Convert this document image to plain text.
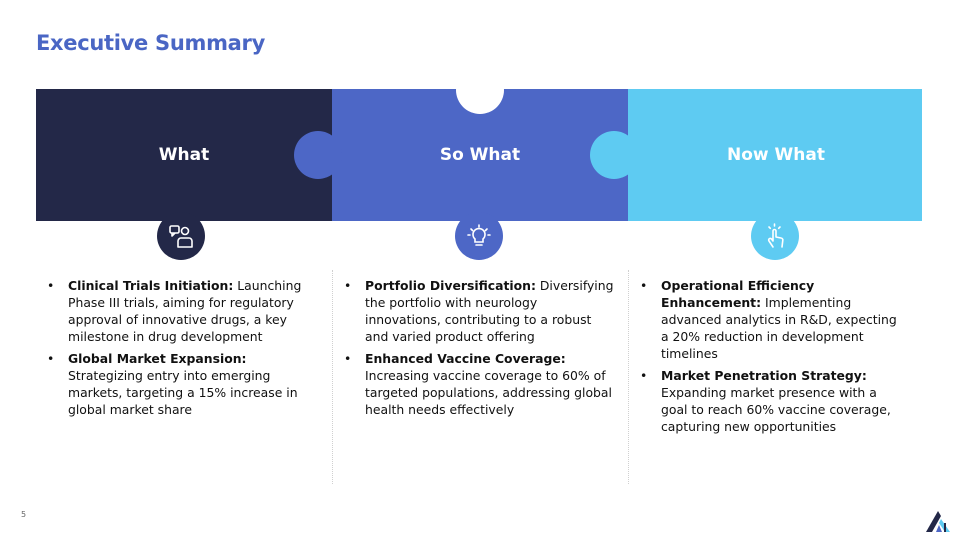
Executive Summary
What	So What	Now What
• Clinical Trials Initiation: Launching Phase III trials, aiming for regulatory approval of innovative drugs, a key milestone in drug development
• Global Market Expansion: Strategizing entry into emerging markets, targeting a 15% increase in global market share
• Portfolio Diversification: Diversifying the portfolio with neurology innovations, contributing to a robust and varied product offering
• Enhanced Vaccine Coverage: Increasing vaccine coverage to 60% of targeted populations, addressing global health needs effectively
• Operational Efficiency Enhancement: Implementing advanced analytics in R&D, expecting a 20% reduction in development timelines
• Market Penetration Strategy: Expanding market presence with a goal to reach 60% vaccine coverage, capturing new opportunities
5
